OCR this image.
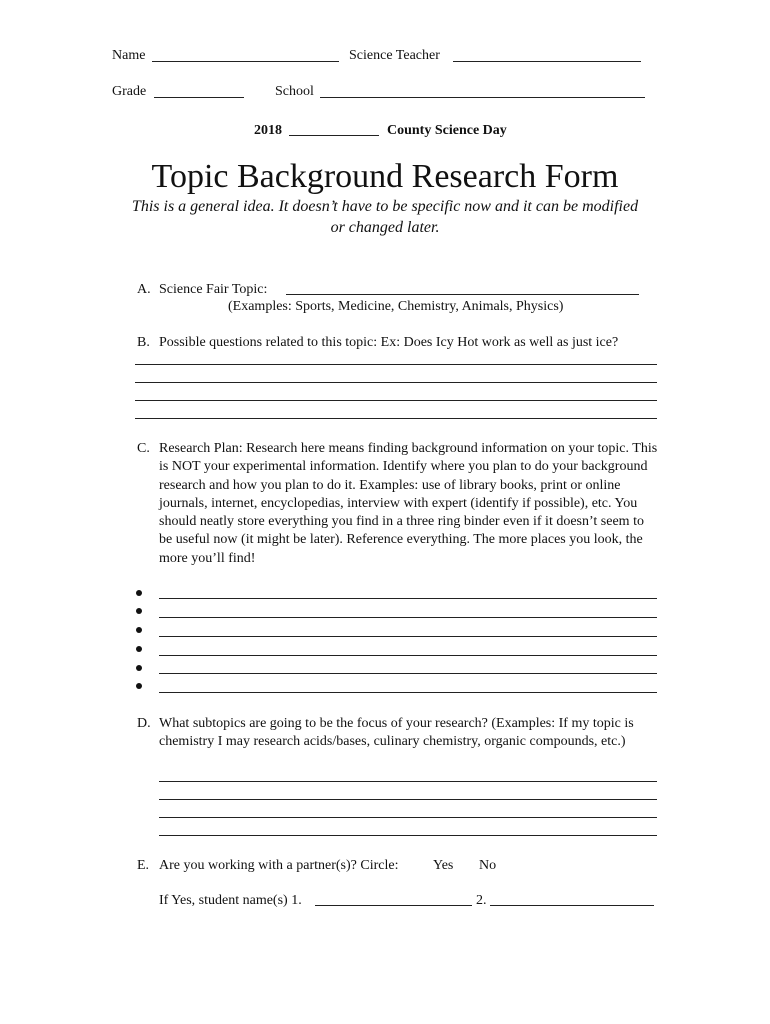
Name	Science Teacher
Grade	School
2018	County Science Day
Topic Background Research Form
This is a general idea. It doesn’t have to be specific now and it can be modified or changed later.
A. Science Fair Topic:
(Examples: Sports, Medicine, Chemistry, Animals, Physics)
B. Possible questions related to this topic: Ex: Does Icy Hot work as well as just ice?
C. Research Plan: Research here means finding background information on your topic. This is NOT your experimental information. Identify where you plan to do your background research and how you plan to do it. Examples: use of library books, print or online journals, internet, encyclopedias, interview with expert (identify if possible), etc. You should neatly store everything you find in a three ring binder even if it doesn’t seem to be useful now (it might be later). Reference everything. The more places you look, the more you’ll find!
D. What subtopics are going to be the focus of your research? (Examples: If my topic is chemistry I may research acids/bases, culinary chemistry, organic compounds, etc.)
E. Are you working with a partner(s)? Circle: Yes No
If Yes, student name(s) 1.	2.
